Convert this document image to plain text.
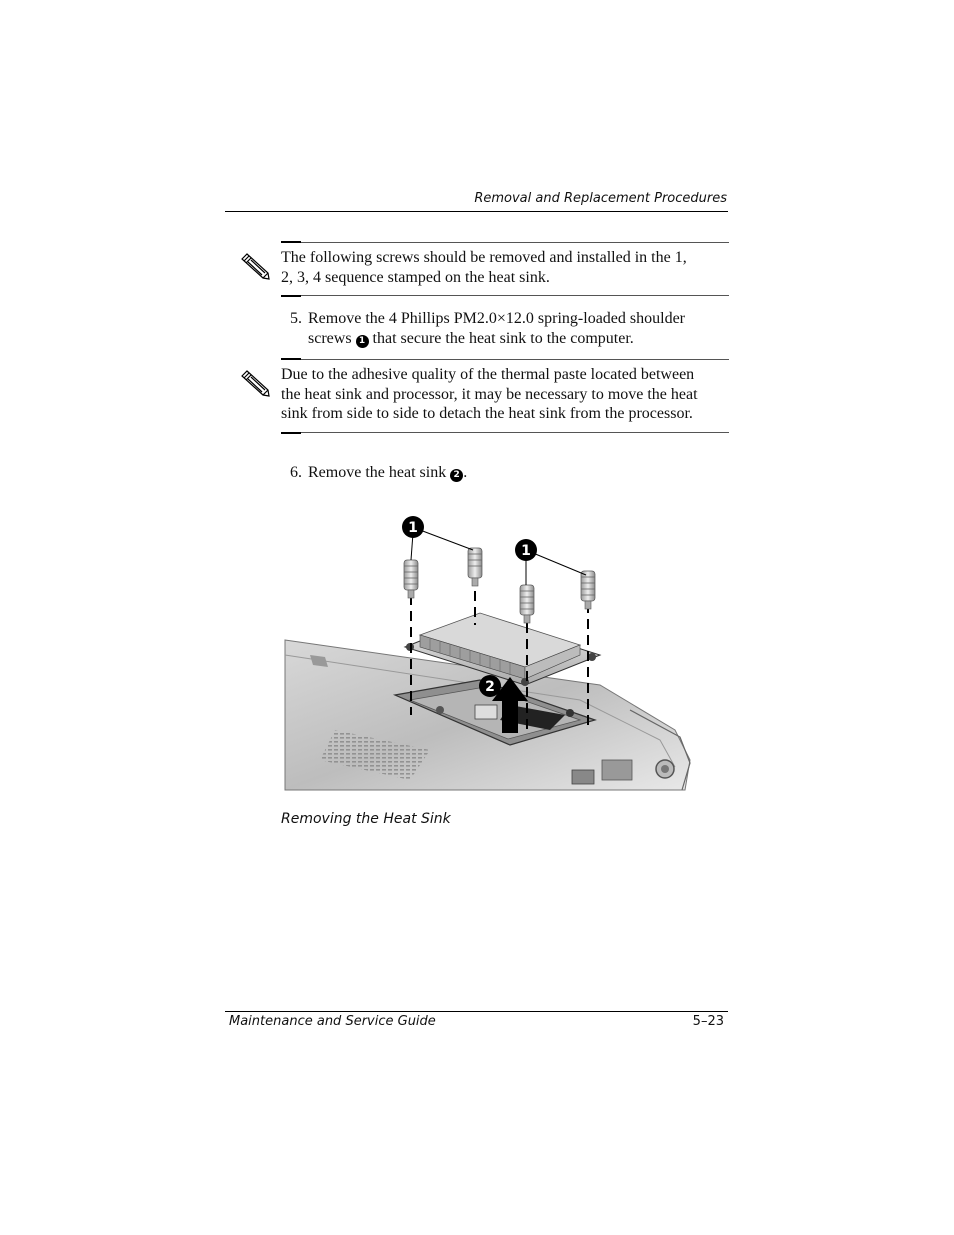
Removal and Replacement Procedures
The following screws should be removed and installed in the 1, 2, 3, 4 sequence stamped on the heat sink.
5. Remove the 4 Phillips PM2.0×12.0 spring-loaded shoulder screws 1 that secure the heat sink to the computer.
Due to the adhesive quality of the thermal paste located between the heat sink and processor, it may be necessary to move the heat sink from side to side to detach the heat sink from the processor.
6. Remove the heat sink 2 .
1
1
2
Removing the Heat Sink
Maintenance and Service Guide	5–23
